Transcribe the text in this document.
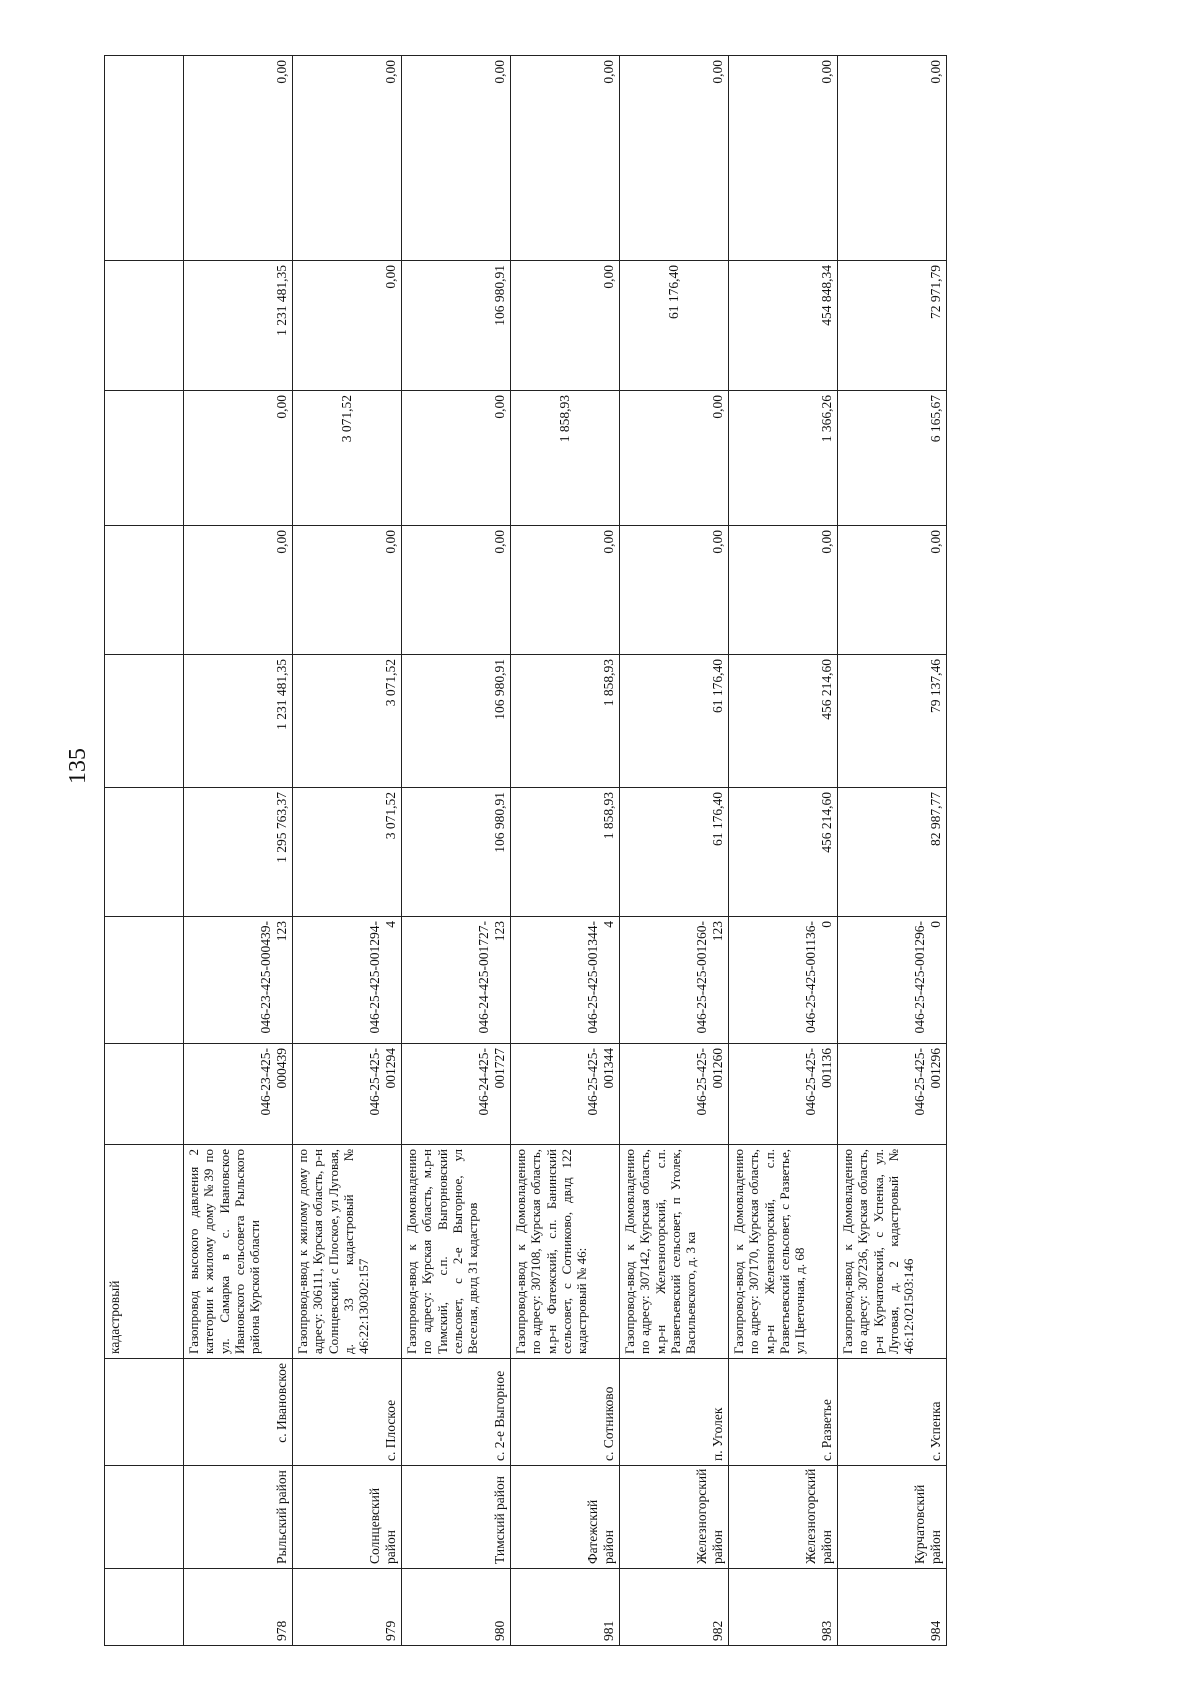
135
			кадастровый								
978	Рыльский район	с. Ивановское	Газопровод высокого давления 2 категории к жилому дому №39 по ул. Самарка в с. Ивановское Ивановского сельсовета Рыльского района Курской области	046-23-425-000439	046-23-425-000439-123	1 295 763,37	1 231 481,35	0,00	0,00	1 231 481,35	0,00
979	Солнцевский район	с. Плоское	Газопровод-ввод к жилому дому по адресу: 306111, Курская область, р-н Солнцевский, с Плоское, ул Луговая, д. 33 кадастровый № 46:22:130302:157	046-25-425-001294	046-25-425-001294-4	3 071,52	3 071,52	0,00	3 071,52	0,00	0,00
980	Тимский район	с. 2-е Выгорное	Газопровод-ввод к Домовладению по адресу: Курская область, м.р-н Тимский, с.п. Выгорновский сельсовет, с 2-е Выгорное, ул Веселая, двлд 31 кадастров	046-24-425-001727	046-24-425-001727-123	106 980,91	106 980,91	0,00	0,00	106 980,91	0,00
981	Фатежский район	с. Сотниково	Газопровод-ввод к Домовладению по адресу: 307108, Курская область, м.р-н Фатежский, с.п. Банинский сельсовет, с Сотниково, двлд 122 кадастровый № 46:	046-25-425-001344	046-25-425-001344-4	1 858,93	1 858,93	0,00	1 858,93	0,00	0,00
982	Железногорский район	п. Уголек	Газопровод-ввод к Домовладению по адресу: 307142, Курская область, м.р-н Железногорский, с.п. Разветьевский сельсовет, п Уголек, Васильевского, д. 3 ка	046-25-425-001260	046-25-425-001260-123	61 176,40	61 176,40	0,00	0,00	61 176,40	0,00
983	Железногорский район	с. Разветье	Газопровод-ввод к Домовладению по адресу: 307170, Курская область, м.р-н Железногорский, с.п. Разветьевский сельсовет, с Разветье, ул Цветочная, д. 68	046-25-425-001136	046-25-425-001136-0	456 214,60	456 214,60	0,00	1 366,26	454 848,34	0,00
984	Курчатовский район	с. Успенка	Газопровод-ввод к Домовладению по адресу: 307236, Курская область, р-н Курчатовский, с Успенка, ул. Луговая, д. 2 кадастровый № 46:12:021503:146	046-25-425-001296	046-25-425-001296-0	82 987,77	79 137,46	0,00	6 165,67	72 971,79	0,00
